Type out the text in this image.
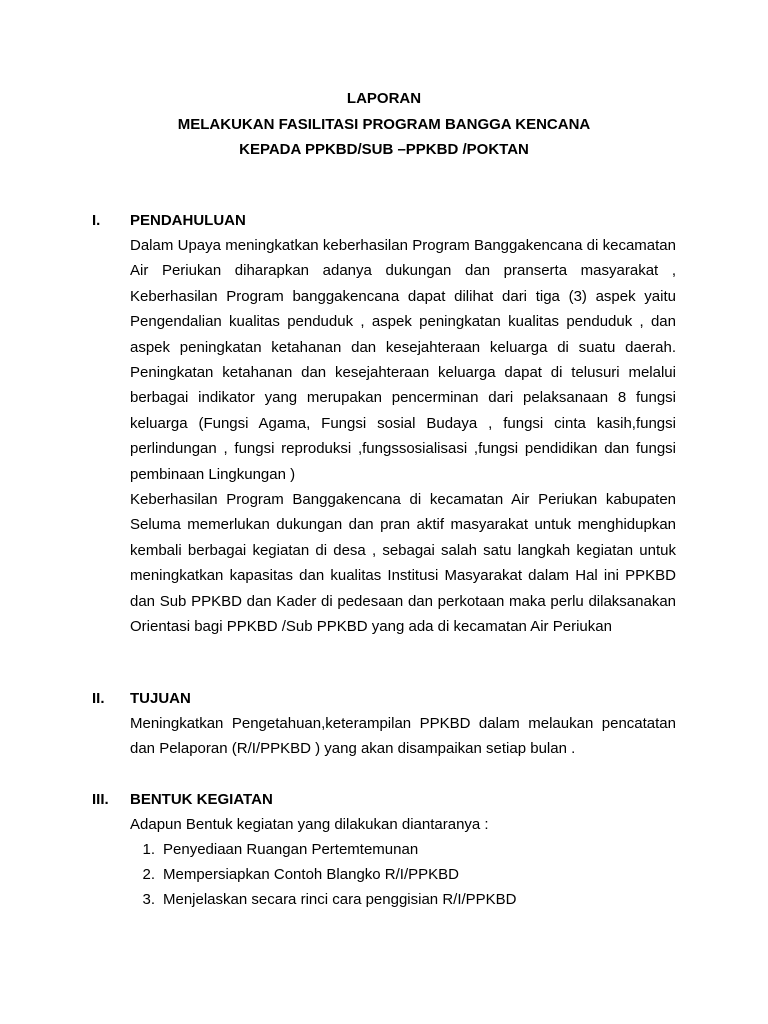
LAPORAN
MELAKUKAN FASILITASI PROGRAM BANGGA KENCANA
KEPADA PPKBD/SUB –PPKBD /POKTAN
I.	PENDAHULUAN

Dalam Upaya meningkatkan keberhasilan Program Banggakencana di kecamatan Air Periukan diharapkan adanya dukungan dan pranserta masyarakat , Keberhasilan Program banggakencana dapat dilihat dari tiga (3) aspek yaitu Pengendalian kualitas penduduk , aspek peningkatan kualitas penduduk , dan aspek peningkatan ketahanan dan kesejahteraan keluarga di suatu daerah. Peningkatan ketahanan dan kesejahteraan keluarga dapat di telusuri melalui berbagai indikator yang merupakan pencerminan dari pelaksanaan 8 fungsi keluarga (Fungsi Agama, Fungsi sosial Budaya , fungsi cinta kasih,fungsi perlindungan , fungsi reproduksi ,fungssosialisasi ,fungsi pendidikan dan fungsi pembinaan Lingkungan )

Keberhasilan Program Banggakencana di kecamatan Air Periukan kabupaten Seluma memerlukan dukungan dan pran aktif masyarakat untuk menghidupkan kembali berbagai kegiatan di desa , sebagai salah satu langkah kegiatan untuk meningkatkan kapasitas dan kualitas Institusi Masyarakat dalam Hal ini PPKBD dan Sub PPKBD dan Kader di pedesaan dan perkotaan maka perlu dilaksanakan Orientasi bagi PPKBD /Sub PPKBD yang ada di kecamatan Air Periukan

II.	TUJUAN

Meningkatkan Pengetahuan,keterampilan PPKBD dalam melaukan pencatatan dan Pelaporan (R/I/PPKBD ) yang akan disampaikan setiap bulan .

III.	BENTUK KEGIATAN

Adapun Bentuk kegiatan yang dilakukan diantaranya :

1. Penyediaan Ruangan Pertemtemunan
2. Mempersiapkan Contoh Blangko R/I/PPKBD
3. Menjelaskan secara rinci cara penggisian R/I/PPKBD
